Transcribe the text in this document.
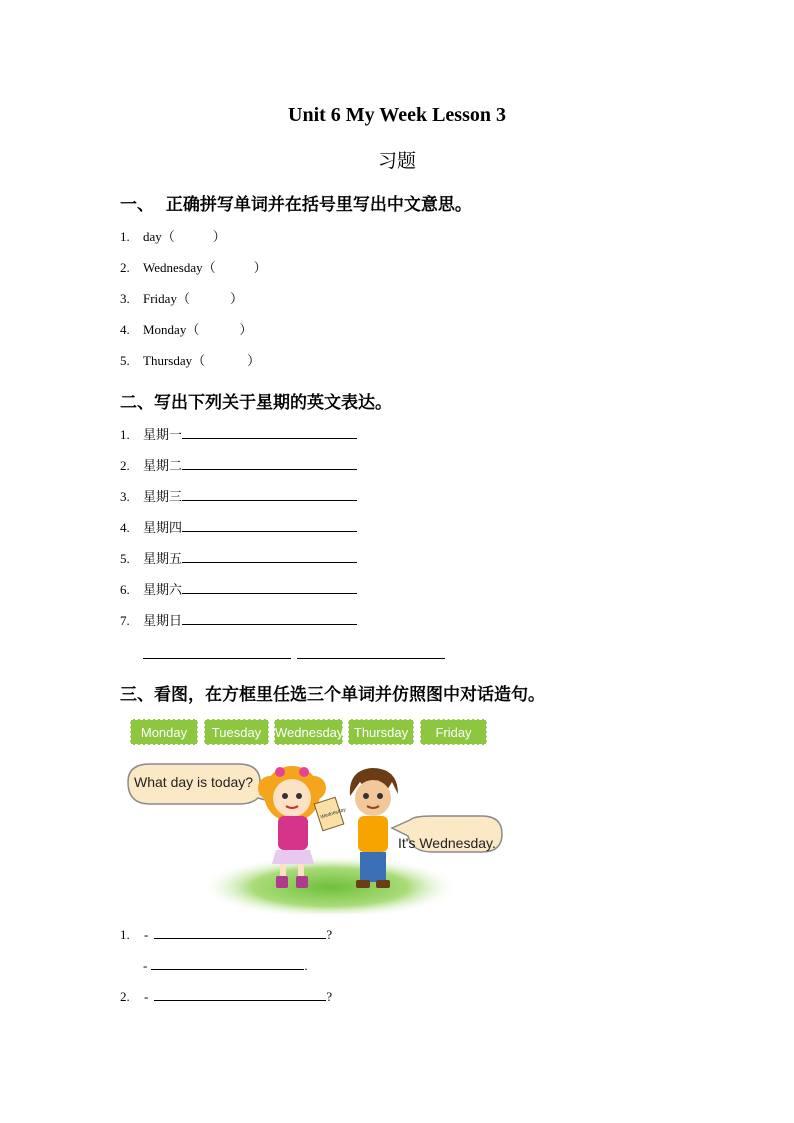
Unit 6 My Week Lesson 3
习题
一、  正确拼写单词并在括号里写出中文意思。
1. day（	）
2. Wednesday（	）
3. Friday（	）
4. Monday（	）
5. Thursday（	）
二、写出下列关于星期的英文表达。
1. 星期一
2. 星期二
3. 星期三
4. 星期四
5. 星期五
6. 星期六
7. 星期日
三、看图，在方框里任选三个单词并仿照图中对话造句。
Monday	Tuesday	Wednesday Thursday	Friday
Wednesday
What day is today?
It's Wednesday.
1. -	?
-	.
2. -	?
